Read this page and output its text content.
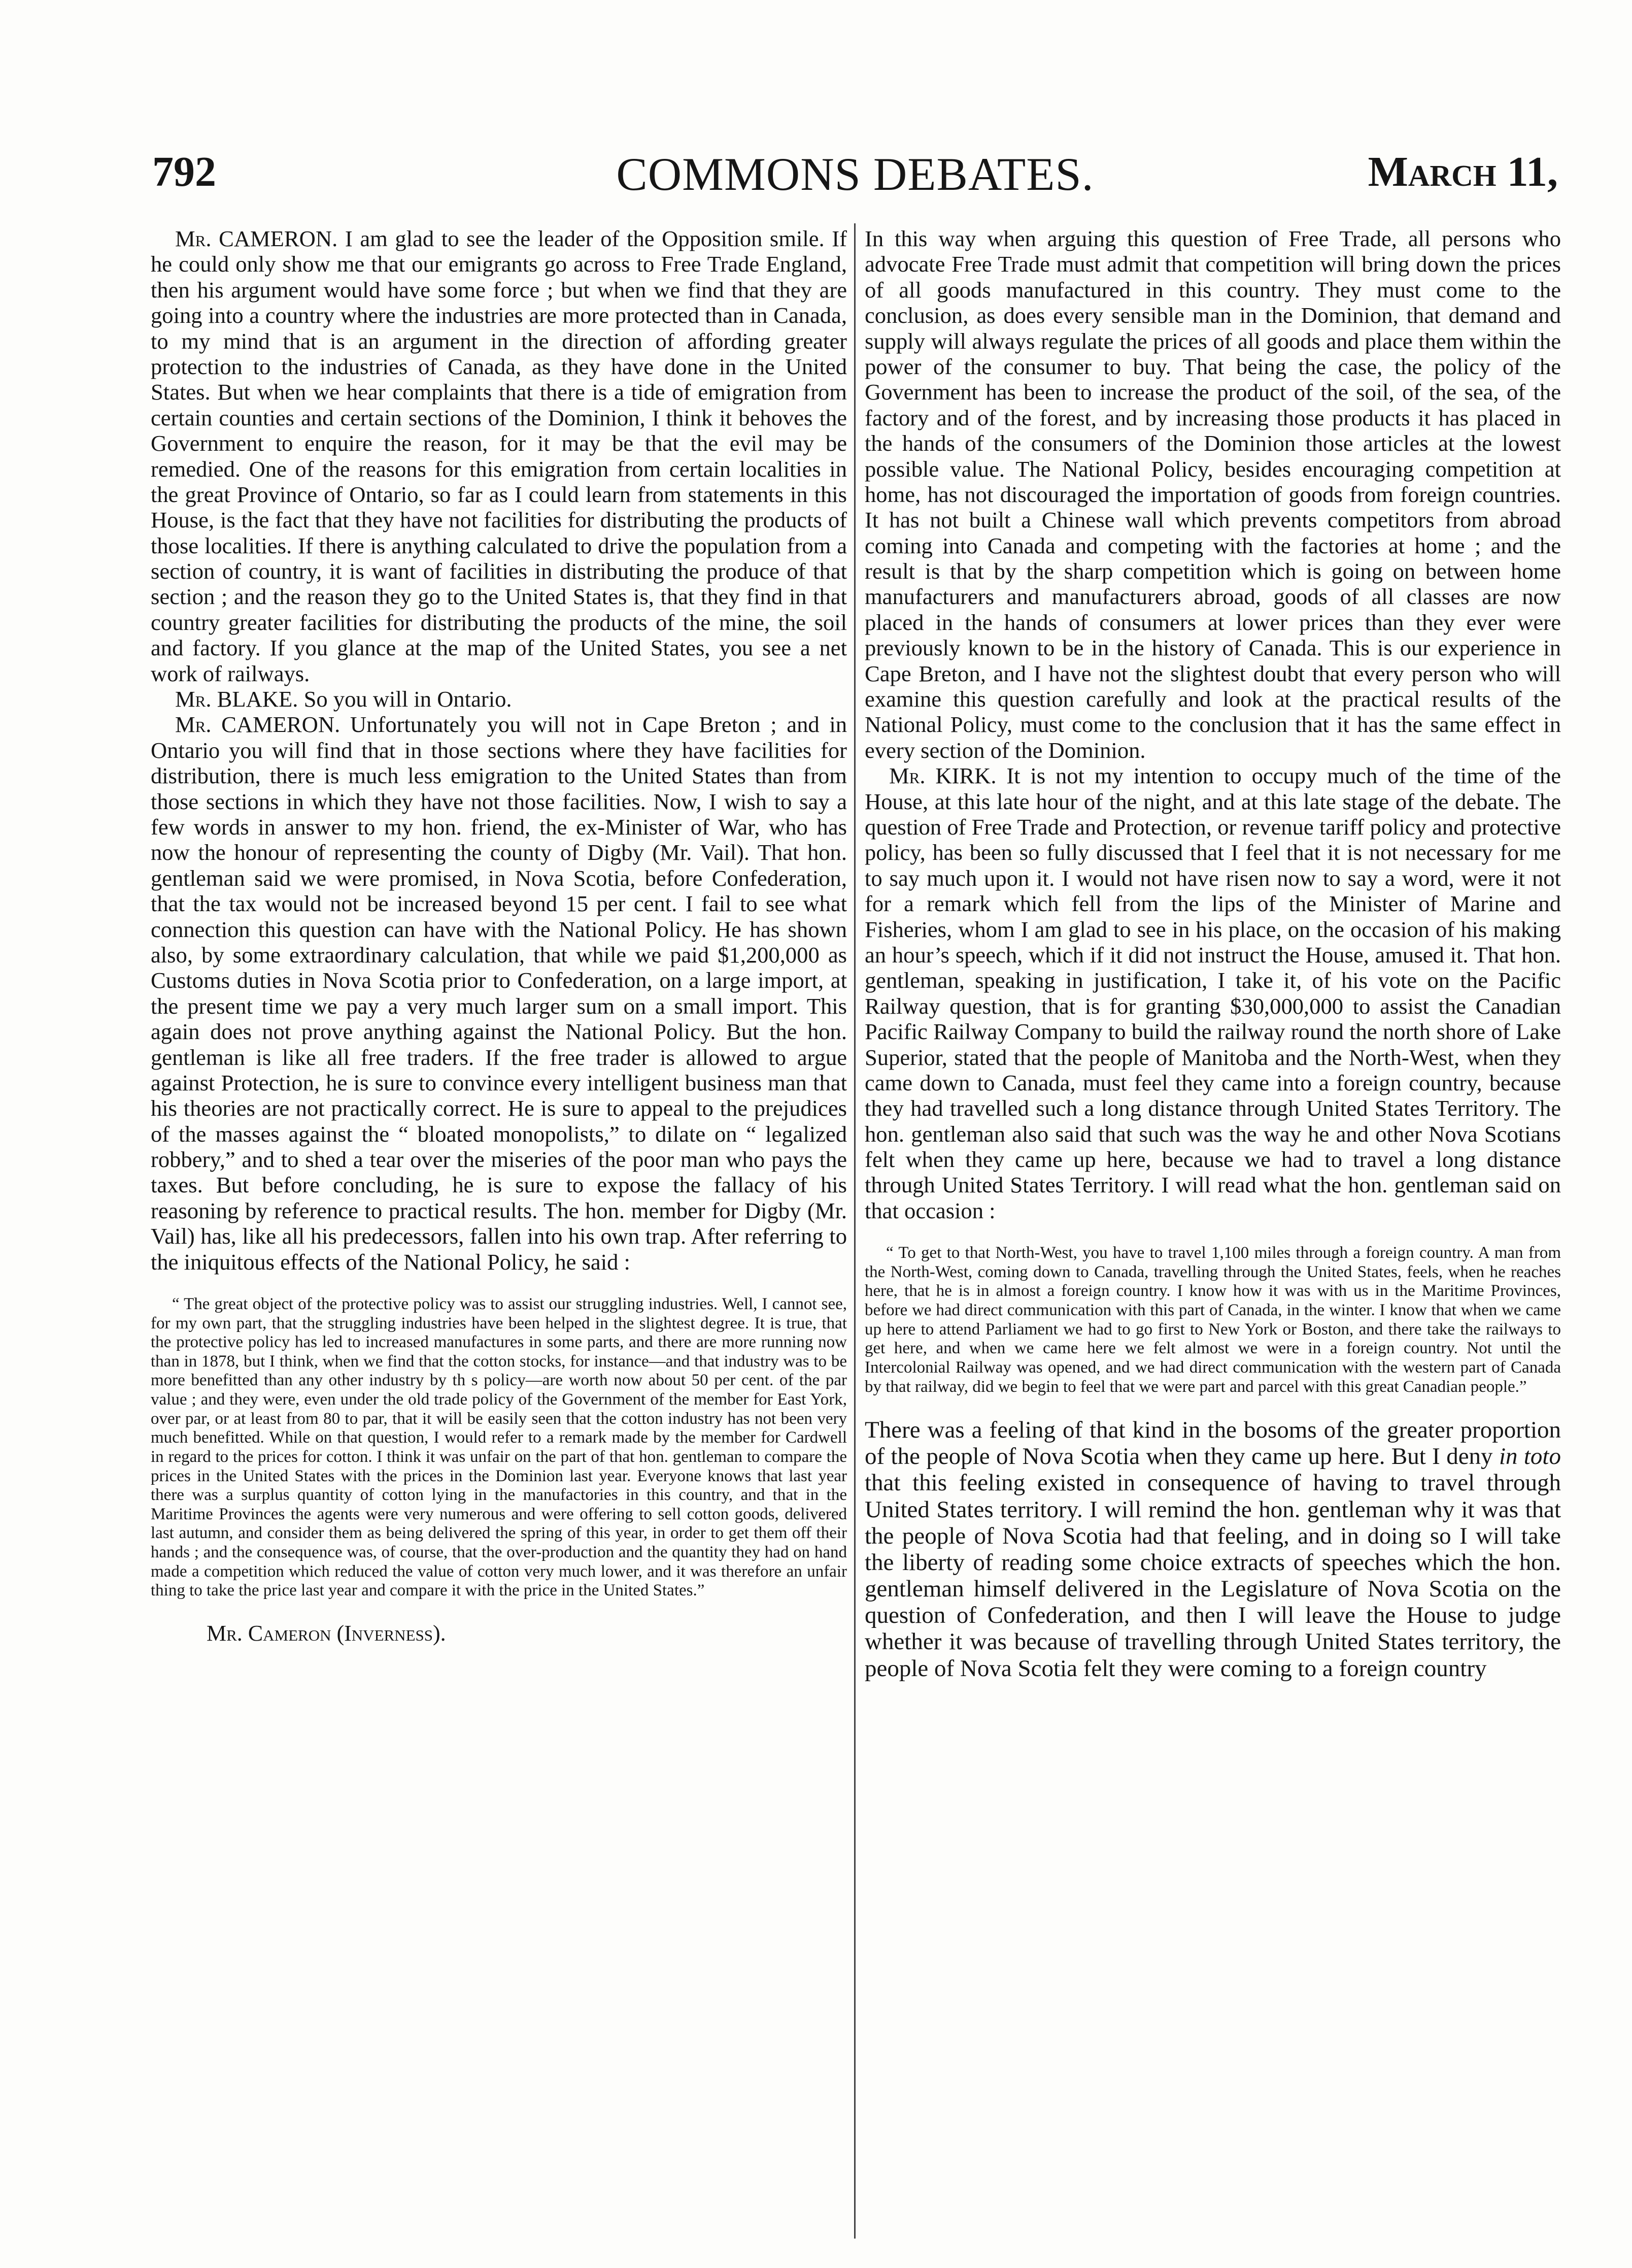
792	COMMONS DEBATES.	March 11,

Mr. CAMERON. I am glad to see the leader of the Opposition smile. If he could only show me that our emigrants go across to Free Trade England, then his argument would have some force ; but when we find that they are going into a country where the industries are more protected than in Canada, to my mind that is an argument in the direction of affording greater protection to the industries of Canada, as they have done in the United States. But when we hear complaints that there is a tide of emigration from certain counties and certain sections of the Dominion, I think it behoves the Government to enquire the reason, for it may be that the evil may be remedied. One of the reasons for this emigration from certain localities in the great Province of Ontario, so far as I could learn from statements in this House, is the fact that they have not facilities for distributing the products of those localities. If there is anything calculated to drive the population from a section of country, it is want of facilities in distributing the produce of that section ; and the reason they go to the United States is, that they find in that country greater facilities for distributing the products of the mine, the soil and factory. If you glance at the map of the United States, you see a net work of railways.

Mr. BLAKE. So you will in Ontario.

Mr. CAMERON. Unfortunately you will not in Cape Breton ; and in Ontario you will find that in those sections where they have facilities for distribution, there is much less emigration to the United States than from those sections in which they have not those facilities. Now, I wish to say a few words in answer to my hon. friend, the ex-Minister of War, who has now the honour of representing the county of Digby (Mr. Vail). That hon. gentleman said we were promised, in Nova Scotia, before Confederation, that the tax would not be increased beyond 15 per cent. I fail to see what connection this question can have with the National Policy. He has shown also, by some extraordinary calculation, that while we paid $1,200,000 as Customs duties in Nova Scotia prior to Confederation, on a large import, at the present time we pay a very much larger sum on a small import. This again does not prove anything against the National Policy. But the hon. gentleman is like all free traders. If the free trader is allowed to argue against Protection, he is sure to convince every intelligent business man that his theories are not practically correct. He is sure to appeal to the prejudices of the masses against the “ bloated monopolists,” to dilate on “ legalized robbery,” and to shed a tear over the miseries of the poor man who pays the taxes. But before concluding, he is sure to expose the fallacy of his reasoning by reference to practical results. The hon. member for Digby (Mr. Vail) has, like all his predecessors, fallen into his own trap. After referring to the iniquitous effects of the National Policy, he said :

“ The great object of the protective policy was to assist our struggling industries. Well, I cannot see, for my own part, that the struggling industries have been helped in the slightest degree. It is true, that the protective policy has led to increased manufactures in some parts, and there are more running now than in 1878, but I think, when we find that the cotton stocks, for instance—and that industry was to be more benefitted than any other industry by th s policy—are worth now about 50 per cent. of the par value ; and they were, even under the old trade policy of the Government of the member for East York, over par, or at least from 80 to par, that it will be easily seen that the cotton industry has not been very much benefitted. While on that question, I would refer to a remark made by the member for Cardwell in regard to the prices for cotton. I think it was unfair on the part of that hon. gentleman to compare the prices in the United States with the prices in the Dominion last year. Everyone knows that last year there was a surplus quantity of cotton lying in the manufactories in this country, and that in the Maritime Provinces the agents were very numerous and were offering to sell cotton goods, delivered last autumn, and consider them as being delivered the spring of this year, in order to get them off their hands ; and the consequence was, of course, that the over-production and the quantity they had on hand made a competition which reduced the value of cotton very much lower, and it was therefore an unfair thing to take the price last year and compare it with the price in the United States.”

Mr. Cameron (Inverness).

In this way when arguing this question of Free Trade, all persons who advocate Free Trade must admit that competition will bring down the prices of all goods manufactured in this country. They must come to the conclusion, as does every sensible man in the Dominion, that demand and supply will always regulate the prices of all goods and place them within the power of the consumer to buy. That being the case, the policy of the Government has been to increase the product of the soil, of the sea, of the factory and of the forest, and by increasing those products it has placed in the hands of the consumers of the Dominion those articles at the lowest possible value. The National Policy, besides encouraging competition at home, has not discouraged the importation of goods from foreign countries. It has not built a Chinese wall which prevents competitors from abroad coming into Canada and competing with the factories at home ; and the result is that by the sharp competition which is going on between home manufacturers and manufacturers abroad, goods of all classes are now placed in the hands of consumers at lower prices than they ever were previously known to be in the history of Canada. This is our experience in Cape Breton, and I have not the slightest doubt that every person who will examine this question carefully and look at the practical results of the National Policy, must come to the conclusion that it has the same effect in every section of the Dominion.

Mr. KIRK. It is not my intention to occupy much of the time of the House, at this late hour of the night, and at this late stage of the debate. The question of Free Trade and Protection, or revenue tariff policy and protective policy, has been so fully discussed that I feel that it is not necessary for me to say much upon it. I would not have risen now to say a word, were it not for a remark which fell from the lips of the Minister of Marine and Fisheries, whom I am glad to see in his place, on the occasion of his making an hour’s speech, which if it did not instruct the House, amused it. That hon. gentleman, speaking in justification, I take it, of his vote on the Pacific Railway question, that is for granting $30,000,000 to assist the Canadian Pacific Railway Company to build the railway round the north shore of Lake Superior, stated that the people of Manitoba and the North-West, when they came down to Canada, must feel they came into a foreign country, because they had travelled such a long distance through United States Territory. The hon. gentleman also said that such was the way he and other Nova Scotians felt when they came up here, because we had to travel a long distance through United States Territory. I will read what the hon. gentleman said on that occasion :

“ To get to that North-West, you have to travel 1,100 miles through a foreign country. A man from the North-West, coming down to Canada, travelling through the United States, feels, when he reaches here, that he is in almost a foreign country. I know how it was with us in the Maritime Provinces, before we had direct communication with this part of Canada, in the winter. I know that when we came up here to attend Parliament we had to go first to New York or Boston, and there take the railways to get here, and when we came here we felt almost we were in a foreign country. Not until the Intercolonial Railway was opened, and we had direct communication with the western part of Canada by that railway, did we begin to feel that we were part and parcel with this great Canadian people.”

There was a feeling of that kind in the bosoms of the greater proportion of the people of Nova Scotia when they came up here. But I deny in toto that this feeling existed in consequence of having to travel through United States territory. I will remind the hon. gentleman why it was that the people of Nova Scotia had that feeling, and in doing so I will take the liberty of reading some choice extracts of speeches which the hon. gentleman himself delivered in the Legislature of Nova Scotia on the question of Confederation, and then I will leave the House to judge whether it was because of travelling through United States territory, the people of Nova Scotia felt they were coming to a foreign country
